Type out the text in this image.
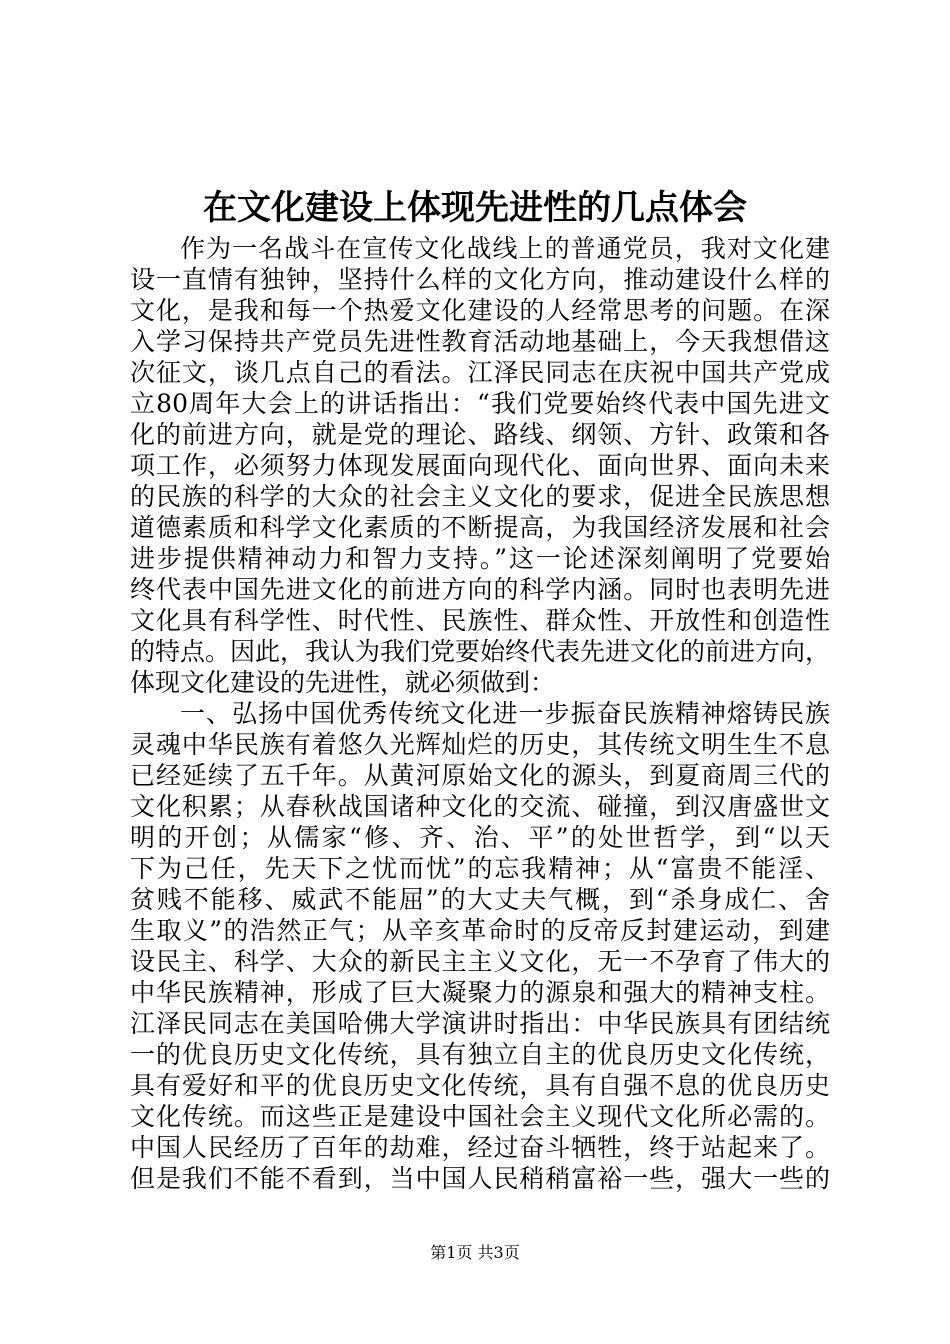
在文化建设上体现先进性的几点体会
作为一名战斗在宣传文化战线上的普通党员，我对文化建
设一直情有独钟，坚持什么样的文化方向，推动建设什么样的
文化，是我和每一个热爱文化建设的人经常思考的问题。在深
入学习保持共产党员先进性教育活动地基础上，今天我想借这
次征文，谈几点自己的看法。江泽民同志在庆祝中国共产党成
立80周年大会上的讲话指出：“我们党要始终代表中国先进文
化的前进方向，就是党的理论、路线、纲领、方针、政策和各
项工作，必须努力体现发展面向现代化、面向世界、面向未来
的民族的科学的大众的社会主义文化的要求，促进全民族思想
道德素质和科学文化素质的不断提高，为我国经济发展和社会
进步提供精神动力和智力支持。”这一论述深刻阐明了党要始
终代表中国先进文化的前进方向的科学内涵。同时也表明先进
文化具有科学性、时代性、民族性、群众性、开放性和创造性
的特点。因此，我认为我们党要始终代表先进文化的前进方向，
体现文化建设的先进性，就必须做到：
一、弘扬中国优秀传统文化进一步振奋民族精神熔铸民族
灵魂中华民族有着悠久光辉灿烂的历史，其传统文明生生不息
已经延续了五千年。从黄河原始文化的源头，到夏商周三代的
文化积累；从春秋战国诸种文化的交流、碰撞，到汉唐盛世文
明的开创；从儒家“修、齐、治、平”的处世哲学，到“以天
下为己任，先天下之忧而忧”的忘我精神；从“富贵不能淫、
贫贱不能移、威武不能屈”的大丈夫气概，到“杀身成仁、舍
生取义”的浩然正气；从辛亥革命时的反帝反封建运动，到建
设民主、科学、大众的新民主主义文化，无一不孕育了伟大的
中华民族精神，形成了巨大凝聚力的源泉和强大的精神支柱。
江泽民同志在美国哈佛大学演讲时指出：中华民族具有团结统
一的优良历史文化传统，具有独立自主的优良历史文化传统，
具有爱好和平的优良历史文化传统，具有自强不息的优良历史
文化传统。而这些正是建设中国社会主义现代文化所必需的。
中国人民经历了百年的劫难，经过奋斗牺牲，终于站起来了。
但是我们不能不看到，当中国人民稍稍富裕一些，强大一些的
第1页 共3页
